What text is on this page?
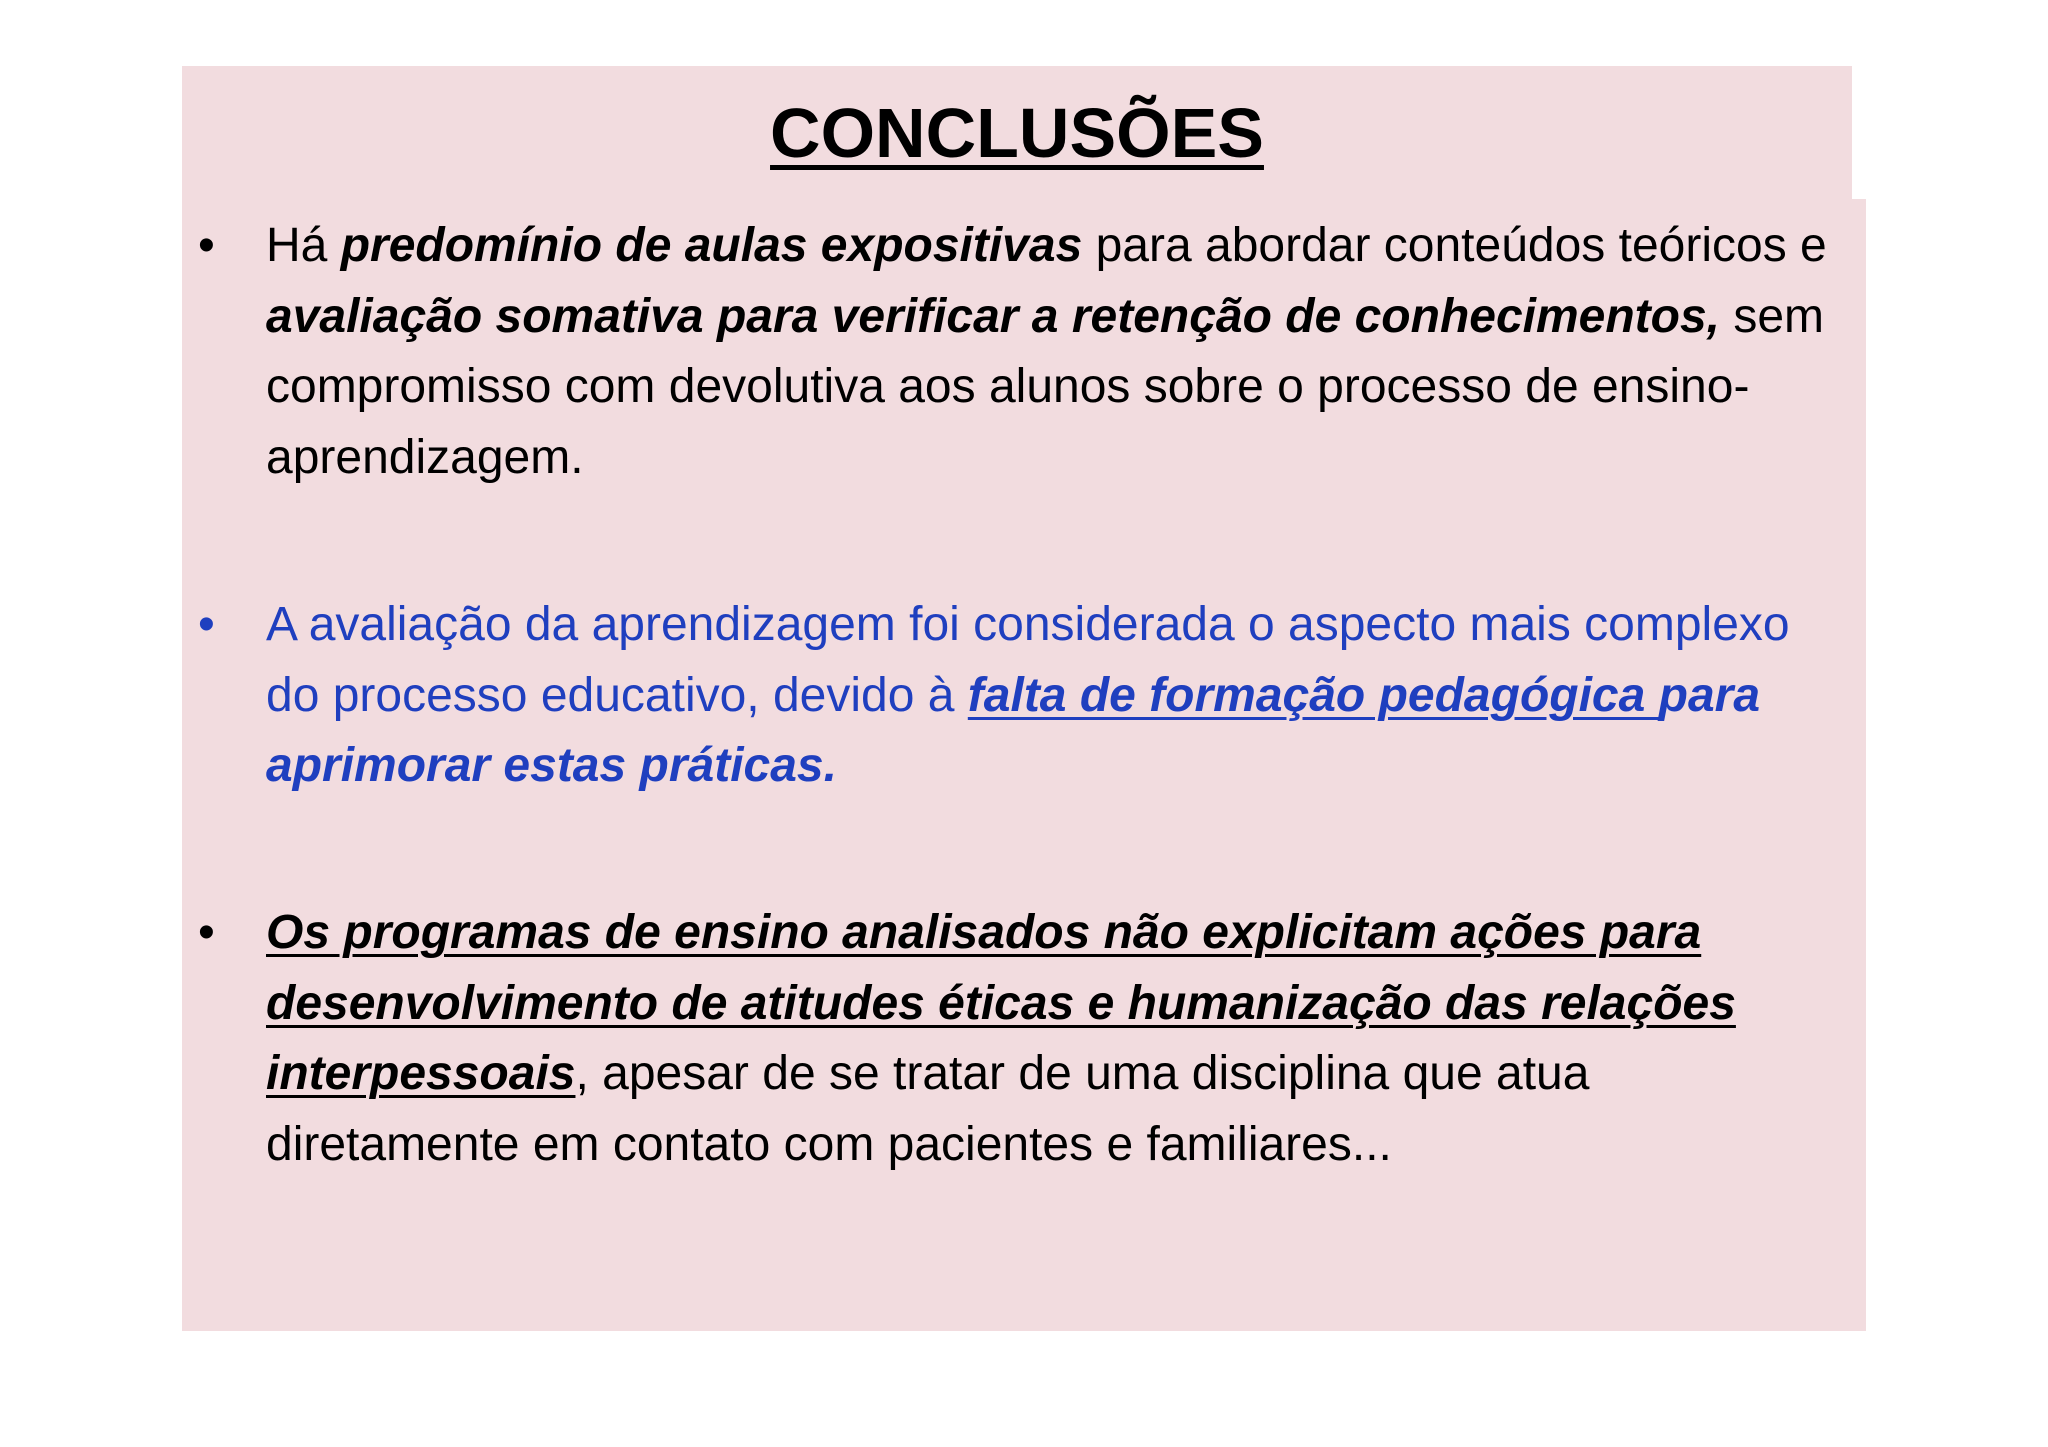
CONCLUSÕES
•	Há predomínio de aulas expositivas para abordar conteúdos teóricos e avaliação somativa para verificar a retenção de conhecimentos, sem compromisso com devolutiva aos alunos sobre o processo de ensino-aprendizagem.
•	A avaliação da aprendizagem foi considerada o aspecto mais complexo do processo educativo, devido à falta de formação pedagógica para aprimorar estas práticas.
•	Os programas de ensino analisados não explicitam ações para desenvolvimento de atitudes éticas e humanização das relações interpessoais, apesar de se tratar de uma disciplina que atua diretamente em contato com pacientes e familiares...
